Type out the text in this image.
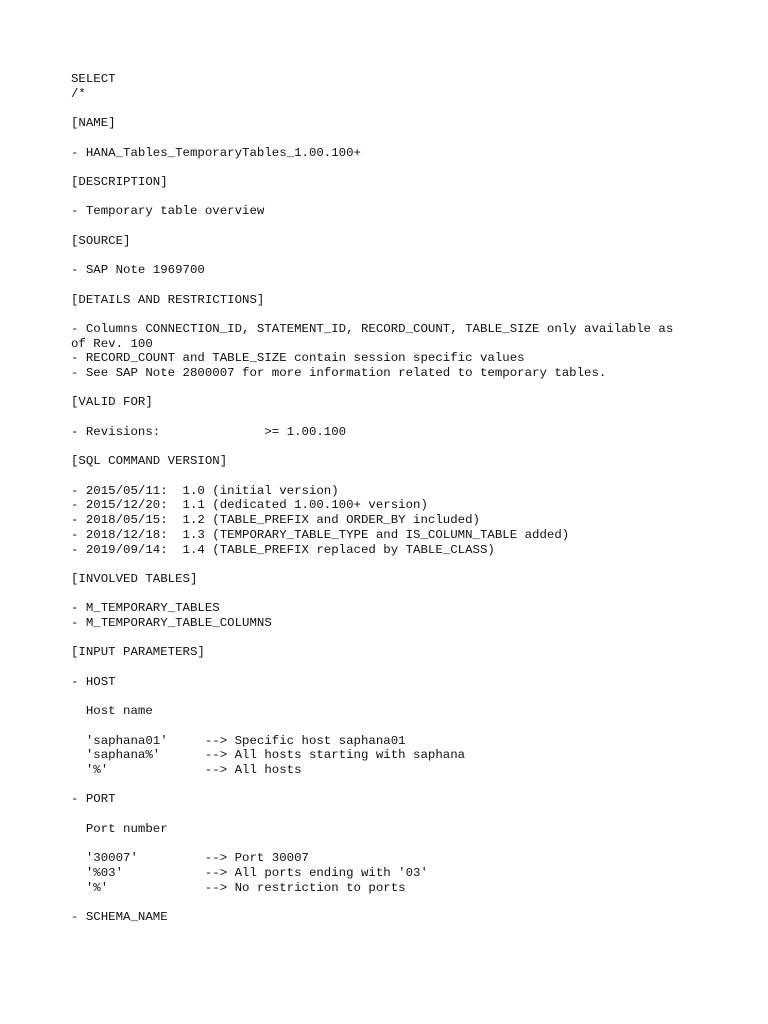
SELECT
/*

[NAME]

- HANA_Tables_TemporaryTables_1.00.100+

[DESCRIPTION]

- Temporary table overview

[SOURCE]

- SAP Note 1969700

[DETAILS AND RESTRICTIONS]

- Columns CONNECTION_ID, STATEMENT_ID, RECORD_COUNT, TABLE_SIZE only available as
of Rev. 100
- RECORD_COUNT and TABLE_SIZE contain session specific values
- See SAP Note 2800007 for more information related to temporary tables.

[VALID FOR]

- Revisions:              >= 1.00.100

[SQL COMMAND VERSION]

- 2015/05/11:  1.0 (initial version)
- 2015/12/20:  1.1 (dedicated 1.00.100+ version)
- 2018/05/15:  1.2 (TABLE_PREFIX and ORDER_BY included)
- 2018/12/18:  1.3 (TEMPORARY_TABLE_TYPE and IS_COLUMN_TABLE added)
- 2019/09/14:  1.4 (TABLE_PREFIX replaced by TABLE_CLASS)

[INVOLVED TABLES]

- M_TEMPORARY_TABLES
- M_TEMPORARY_TABLE_COLUMNS

[INPUT PARAMETERS]

- HOST

Host name

'saphana01'     --> Specific host saphana01
'saphana%'      --> All hosts starting with saphana
'%'             --> All hosts

- PORT

Port number

'30007'         --> Port 30007
'%03'           --> All ports ending with '03'
'%'             --> No restriction to ports

- SCHEMA_NAME
